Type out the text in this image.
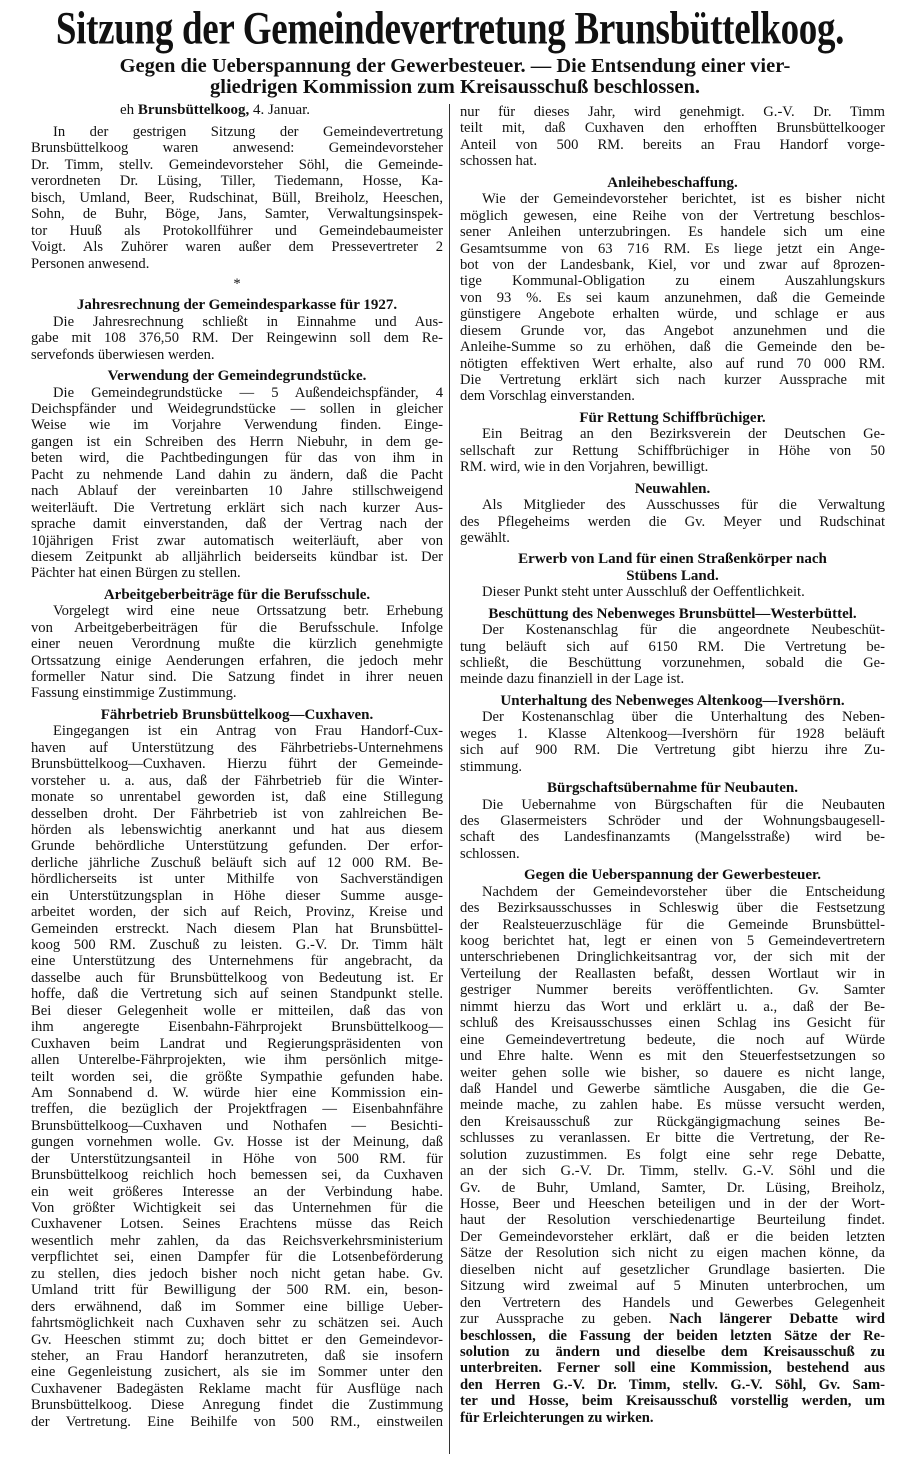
Sitzung der Gemeindevertretung Brunsbüttelkoog.
Gegen die Ueberspannung der Gewerbesteuer. — Die Entsendung einer vier-
gliedrigen Kommission zum Kreisausschuß beschlossen.
eh Brunsbüttelkoog, 4. Januar.
In der gestrigen Sitzung der Gemeindevertretung
Brunsbüttelkoog waren anwesend: Gemeindevorsteher
Dr. Timm, stellv. Gemeindevorsteher Söhl, die Gemeinde-
verordneten Dr. Lüsing, Tiller, Tiedemann, Hosse, Ka-
bisch, Umland, Beer, Rudschinat, Büll, Breiholz, Heeschen,
Sohn, de Buhr, Böge, Jans, Samter, Verwaltungsinspek-
tor Huuß als Protokollführer und Gemeindebaumeister
Voigt. Als Zuhörer waren außer dem Pressevertreter 2
Personen anwesend.
*
Jahresrechnung der Gemeindesparkasse für 1927.
Die Jahresrechnung schließt in Einnahme und Aus-
gabe mit 108 376,50 RM. Der Reingewinn soll dem Re-
servefonds überwiesen werden.
Verwendung der Gemeindegrundstücke.
Die Gemeindegrundstücke — 5 Außendeichspfänder, 4
Deichspfänder und Weidegrundstücke — sollen in gleicher
Weise wie im Vorjahre Verwendung finden. Einge-
gangen ist ein Schreiben des Herrn Niebuhr, in dem ge-
beten wird, die Pachtbedingungen für das von ihm in
Pacht zu nehmende Land dahin zu ändern, daß die Pacht
nach Ablauf der vereinbarten 10 Jahre stillschweigend
weiterläuft. Die Vertretung erklärt sich nach kurzer Aus-
sprache damit einverstanden, daß der Vertrag nach der
10jährigen Frist zwar automatisch weiterläuft, aber von
diesem Zeitpunkt ab alljährlich beiderseits kündbar ist. Der
Pächter hat einen Bürgen zu stellen.
Arbeitgeberbeiträge für die Berufsschule.
Vorgelegt wird eine neue Ortssatzung betr. Erhebung
von Arbeitgeberbeiträgen für die Berufsschule. Infolge
einer neuen Verordnung mußte die kürzlich genehmigte
Ortssatzung einige Aenderungen erfahren, die jedoch mehr
formeller Natur sind. Die Satzung findet in ihrer neuen
Fassung einstimmige Zustimmung.
Fährbetrieb Brunsbüttelkoog—Cuxhaven.
Eingegangen ist ein Antrag von Frau Handorf-Cux-
haven auf Unterstützung des Fährbetriebs-Unternehmens
Brunsbüttelkoog—Cuxhaven. Hierzu führt der Gemeinde-
vorsteher u. a. aus, daß der Fährbetrieb für die Winter-
monate so unrentabel geworden ist, daß eine Stillegung
desselben droht. Der Fährbetrieb ist von zahlreichen Be-
hörden als lebenswichtig anerkannt und hat aus diesem
Grunde behördliche Unterstützung gefunden. Der erfor-
derliche jährliche Zuschuß beläuft sich auf 12 000 RM. Be-
hördlicherseits ist unter Mithilfe von Sachverständigen
ein Unterstützungsplan in Höhe dieser Summe ausge-
arbeitet worden, der sich auf Reich, Provinz, Kreise und
Gemeinden erstreckt. Nach diesem Plan hat Brunsbüttel-
koog 500 RM. Zuschuß zu leisten. G.-V. Dr. Timm hält
eine Unterstützung des Unternehmens für angebracht, da
dasselbe auch für Brunsbüttelkoog von Bedeutung ist. Er
hoffe, daß die Vertretung sich auf seinen Standpunkt stelle.
Bei dieser Gelegenheit wolle er mitteilen, daß das von
ihm angeregte Eisenbahn-Fährprojekt Brunsbüttelkoog—
Cuxhaven beim Landrat und Regierungspräsidenten von
allen Unterelbe-Fährprojekten, wie ihm persönlich mitge-
teilt worden sei, die größte Sympathie gefunden habe.
Am Sonnabend d. W. würde hier eine Kommission ein-
treffen, die bezüglich der Projektfragen — Eisenbahnfähre
Brunsbüttelkoog—Cuxhaven und Nothafen — Besichti-
gungen vornehmen wolle. Gv. Hosse ist der Meinung, daß
der Unterstützungsanteil in Höhe von 500 RM. für
Brunsbüttelkoog reichlich hoch bemessen sei, da Cuxhaven
ein weit größeres Interesse an der Verbindung habe.
Von größter Wichtigkeit sei das Unternehmen für die
Cuxhavener Lotsen. Seines Erachtens müsse das Reich
wesentlich mehr zahlen, da das Reichsverkehrsministerium
verpflichtet sei, einen Dampfer für die Lotsenbeförderung
zu stellen, dies jedoch bisher noch nicht getan habe. Gv.
Umland tritt für Bewilligung der 500 RM. ein, beson-
ders erwähnend, daß im Sommer eine billige Ueber-
fahrtsmöglichkeit nach Cuxhaven sehr zu schätzen sei. Auch
Gv. Heeschen stimmt zu; doch bittet er den Gemeindevor-
steher, an Frau Handorf heranzutreten, daß sie insofern
eine Gegenleistung zusichert, als sie im Sommer unter den
Cuxhavener Badegästen Reklame macht für Ausflüge nach
Brunsbüttelkoog. Diese Anregung findet die Zustimmung
der Vertretung. Eine Beihilfe von 500 RM., einstweilen
nur für dieses Jahr, wird genehmigt. G.-V. Dr. Timm
teilt mit, daß Cuxhaven den erhofften Brunsbüttelkooger
Anteil von 500 RM. bereits an Frau Handorf vorge-
schossen hat.
Anleihebeschaffung.
Wie der Gemeindevorsteher berichtet, ist es bisher nicht
möglich gewesen, eine Reihe von der Vertretung beschlos-
sener Anleihen unterzubringen. Es handele sich um eine
Gesamtsumme von 63 716 RM. Es liege jetzt ein Ange-
bot von der Landesbank, Kiel, vor und zwar auf 8prozen-
tige Kommunal-Obligation zu einem Auszahlungskurs
von 93 %. Es sei kaum anzunehmen, daß die Gemeinde
günstigere Angebote erhalten würde, und schlage er aus
diesem Grunde vor, das Angebot anzunehmen und die
Anleihe-Summe so zu erhöhen, daß die Gemeinde den be-
nötigten effektiven Wert erhalte, also auf rund 70 000 RM.
Die Vertretung erklärt sich nach kurzer Aussprache mit
dem Vorschlag einverstanden.
Für Rettung Schiffbrüchiger.
Ein Beitrag an den Bezirksverein der Deutschen Ge-
sellschaft zur Rettung Schiffbrüchiger in Höhe von 50
RM. wird, wie in den Vorjahren, bewilligt.
Neuwahlen.
Als Mitglieder des Ausschusses für die Verwaltung
des Pflegeheims werden die Gv. Meyer und Rudschinat
gewählt.
Erwerb von Land für einen Straßenkörper nach
Stübens Land.
Dieser Punkt steht unter Ausschluß der Oeffentlichkeit.
Beschüttung des Nebenweges Brunsbüttel—Westerbüttel.
Der Kostenanschlag für die angeordnete Neubeschüt-
tung beläuft sich auf 6150 RM. Die Vertretung be-
schließt, die Beschüttung vorzunehmen, sobald die Ge-
meinde dazu finanziell in der Lage ist.
Unterhaltung des Nebenweges Altenkoog—Ivershörn.
Der Kostenanschlag über die Unterhaltung des Neben-
weges 1. Klasse Altenkoog—Ivershörn für 1928 beläuft
sich auf 900 RM. Die Vertretung gibt hierzu ihre Zu-
stimmung.
Bürgschaftsübernahme für Neubauten.
Die Uebernahme von Bürgschaften für die Neubauten
des Glasermeisters Schröder und der Wohnungsbaugesell-
schaft des Landesfinanzamts (Mangelsstraße) wird be-
schlossen.
Gegen die Ueberspannung der Gewerbesteuer.
Nachdem der Gemeindevorsteher über die Entscheidung
des Bezirksausschusses in Schleswig über die Festsetzung
der Realsteuerzuschläge für die Gemeinde Brunsbüttel-
koog berichtet hat, legt er einen von 5 Gemeindevertretern
unterschriebenen Dringlichkeitsantrag vor, der sich mit der
Verteilung der Reallasten befaßt, dessen Wortlaut wir in
gestriger Nummer bereits veröffentlichten. Gv. Samter
nimmt hierzu das Wort und erklärt u. a., daß der Be-
schluß des Kreisausschusses einen Schlag ins Gesicht für
eine Gemeindevertretung bedeute, die noch auf Würde
und Ehre halte. Wenn es mit den Steuerfestsetzungen so
weiter gehen solle wie bisher, so dauere es nicht lange,
daß Handel und Gewerbe sämtliche Ausgaben, die die Ge-
meinde mache, zu zahlen habe. Es müsse versucht werden,
den Kreisausschuß zur Rückgängigmachung seines Be-
schlusses zu veranlassen. Er bitte die Vertretung, der Re-
solution zuzustimmen. Es folgt eine sehr rege Debatte,
an der sich G.-V. Dr. Timm, stellv. G.-V. Söhl und die
Gv. de Buhr, Umland, Samter, Dr. Lüsing, Breiholz,
Hosse, Beer und Heeschen beteiligen und in der der Wort-
haut der Resolution verschiedenartige Beurteilung findet.
Der Gemeindevorsteher erklärt, daß er die beiden letzten
Sätze der Resolution sich nicht zu eigen machen könne, da
dieselben nicht auf gesetzlicher Grundlage basierten. Die
Sitzung wird zweimal auf 5 Minuten unterbrochen, um
den Vertretern des Handels und Gewerbes Gelegenheit
zur Aussprache zu geben. Nach längerer Debatte wird
beschlossen, die Fassung der beiden letzten Sätze der Re-
solution zu ändern und dieselbe dem Kreisausschuß zu
unterbreiten. Ferner soll eine Kommission, bestehend aus
den Herren G.-V. Dr. Timm, stellv. G.-V. Söhl, Gv. Sam-
ter und Hosse, beim Kreisausschuß vorstellig werden, um
für Erleichterungen zu wirken.
